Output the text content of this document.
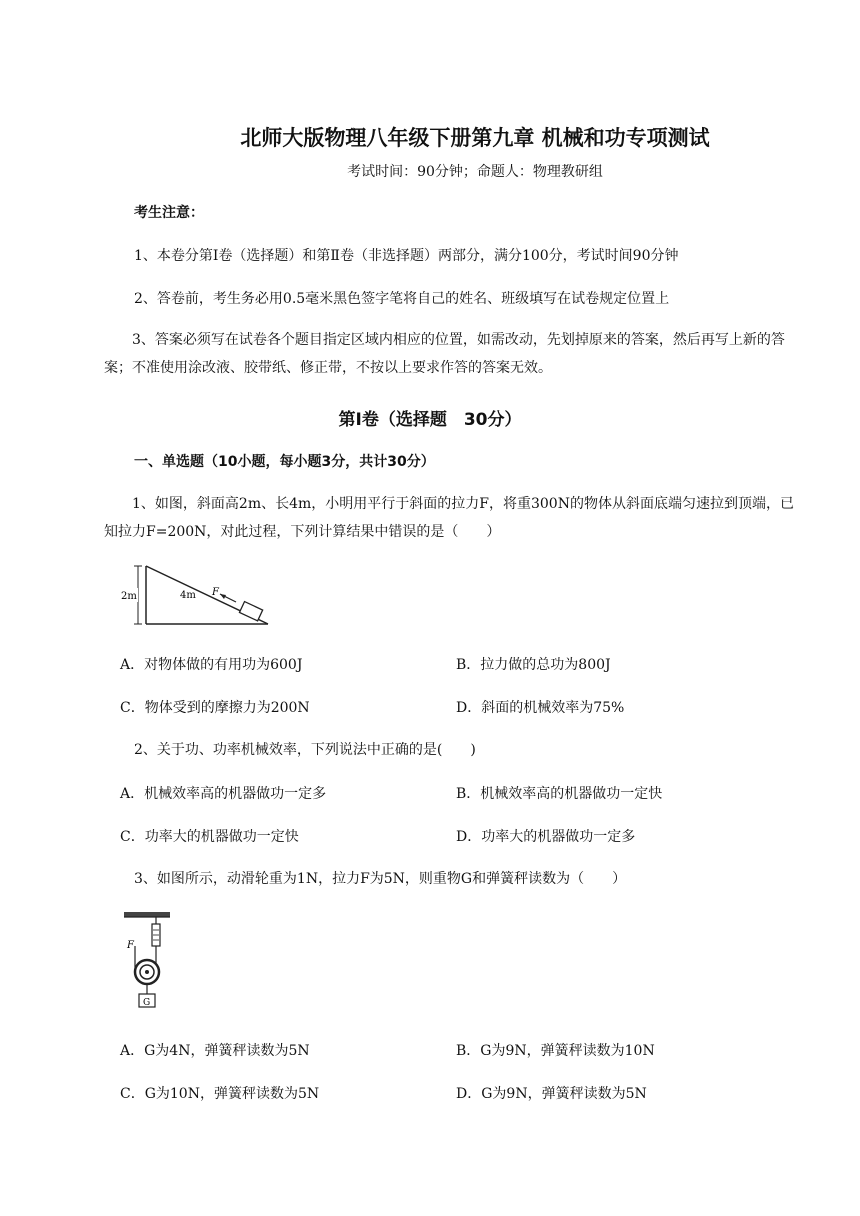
北师大版物理八年级下册第九章 机械和功专项测试
考试时间：90分钟；命题人：物理教研组
考生注意：
1、本卷分第Ⅰ卷（选择题）和第Ⅱ卷（非选择题）两部分，满分100分，考试时间90分钟
2、答卷前，考生务必用0.5毫米黑色签字笔将自己的姓名、班级填写在试卷规定位置上
3、答案必须写在试卷各个题目指定区域内相应的位置，如需改动，先划掉原来的答案，然后再写上新的答案；不准使用涂改液、胶带纸、修正带，不按以上要求作答的答案无效。
第Ⅰ卷（选择题　30分）
一、单选题（10小题，每小题3分，共计30分）
1、如图，斜面高2m、长4m，小明用平行于斜面的拉力F，将重300N的物体从斜面底端匀速拉到顶端，已知拉力F=200N，对此过程，下列计算结果中错误的是（　　）
2m	4m F
A．对物体做的有用功为600J	B．拉力做的总功为800J
C．物体受到的摩擦力为200N	D．斜面的机械效率为75%
2、关于功、功率机械效率，下列说法中正确的是(　　)
A．机械效率高的机器做功一定多	B．机械效率高的机器做功一定快
C．功率大的机器做功一定快	D．功率大的机器做功一定多
3、如图所示，动滑轮重为1N，拉力F为5N，则重物G和弹簧秤读数为（　　）
F
G
A．G为4N，弹簧秤读数为5N	B．G为9N，弹簧秤读数为10N
C．G为10N，弹簧秤读数为5N	D．G为9N，弹簧秤读数为5N
